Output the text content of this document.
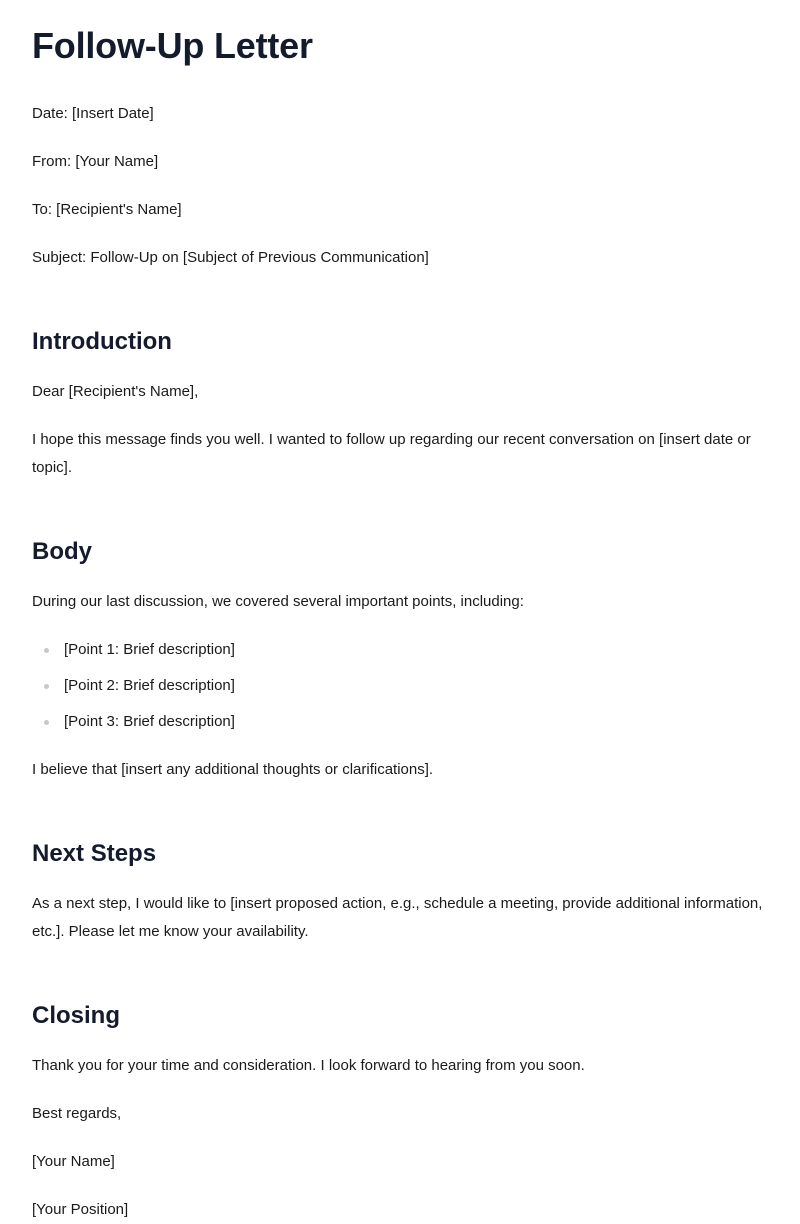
Follow-Up Letter

Date: [Insert Date]

From: [Your Name]

To: [Recipient's Name]

Subject: Follow-Up on [Subject of Previous Communication]

Introduction

Dear [Recipient's Name],

I hope this message finds you well. I wanted to follow up regarding our recent conversation on [insert date or topic].

Body

During our last discussion, we covered several important points, including:

[Point 1: Brief description]
[Point 2: Brief description]
[Point 3: Brief description]

I believe that [insert any additional thoughts or clarifications].

Next Steps

As a next step, I would like to [insert proposed action, e.g., schedule a meeting, provide additional information, etc.]. Please let me know your availability.

Closing

Thank you for your time and consideration. I look forward to hearing from you soon.

Best regards,

[Your Name]

[Your Position]
